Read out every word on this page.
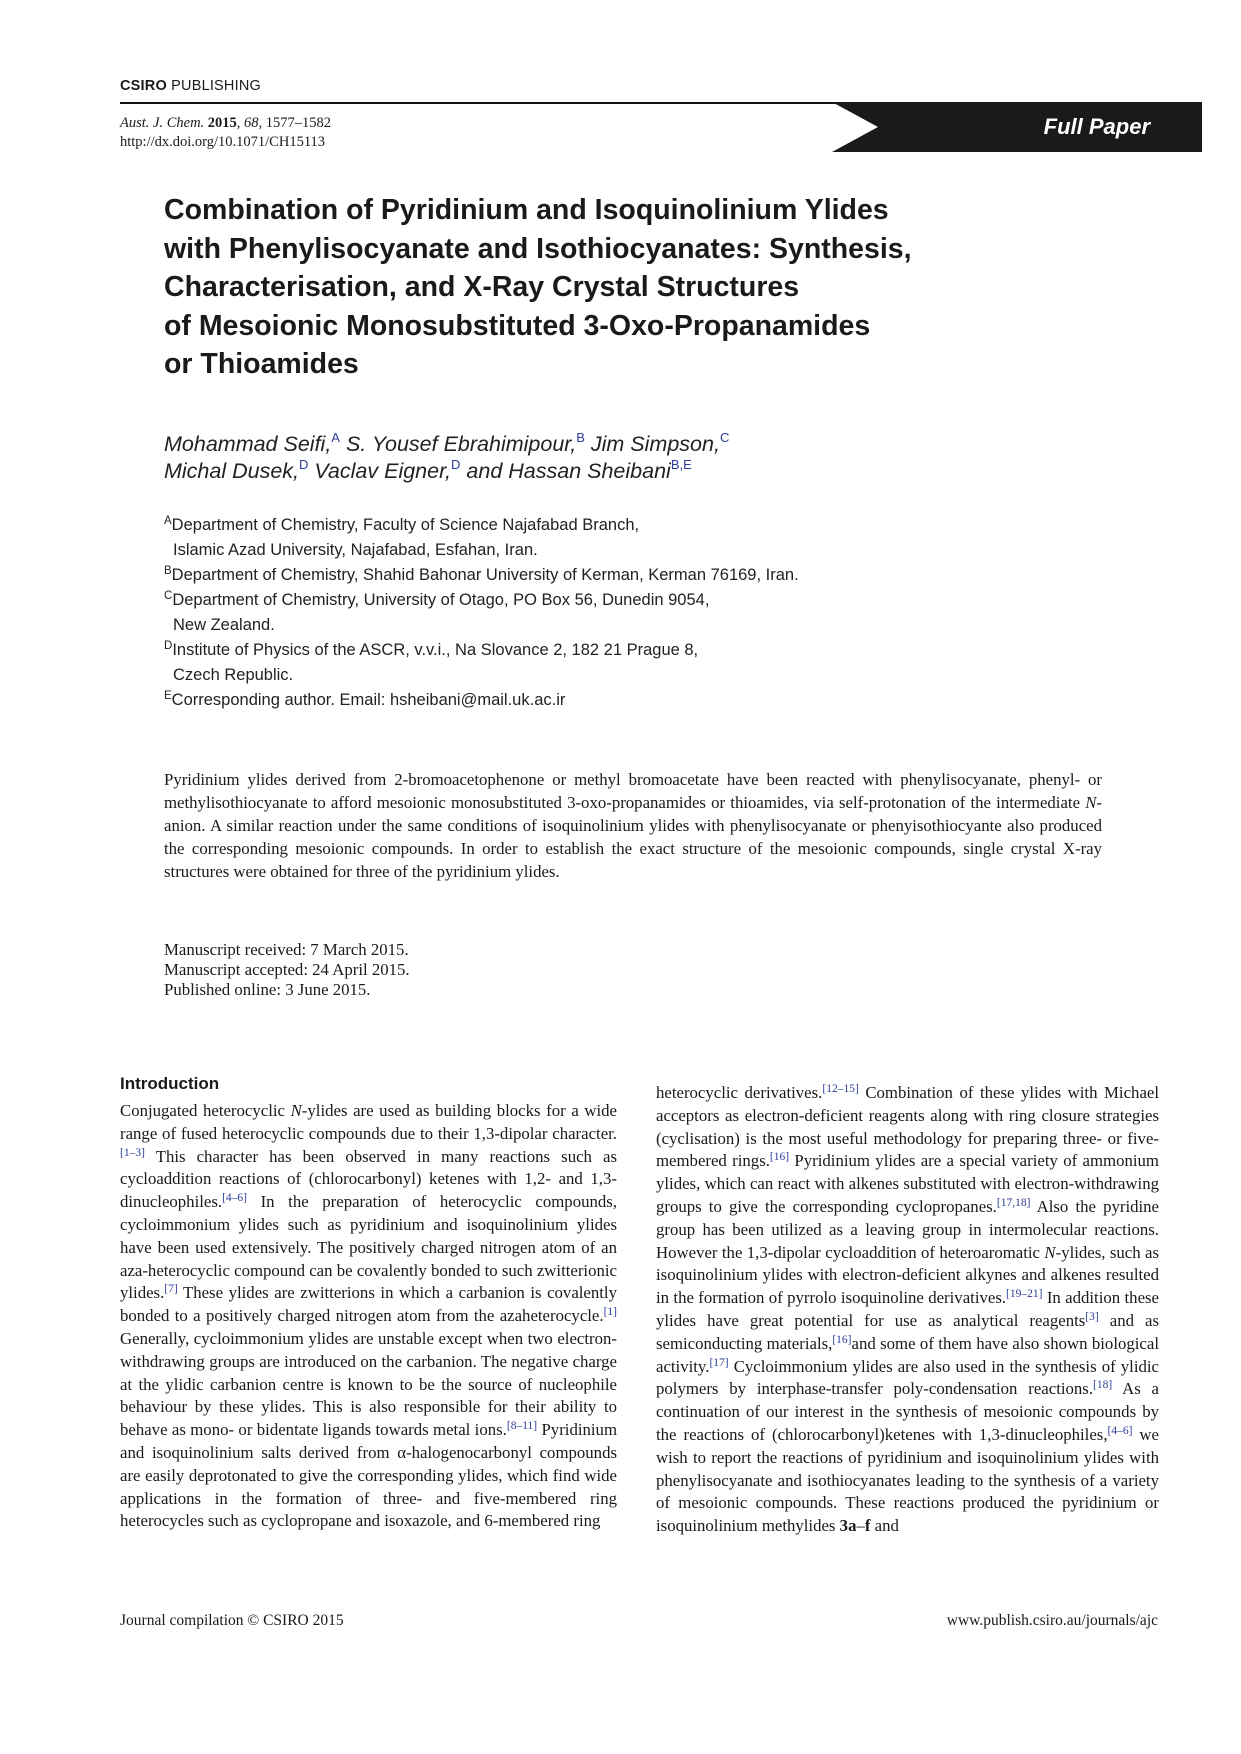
CSIRO PUBLISHING
Full Paper
Aust. J. Chem. 2015, 68, 1577–1582
http://dx.doi.org/10.1071/CH15113
Combination of Pyridinium and Isoquinolinium Ylides
with Phenylisocyanate and Isothiocyanates: Synthesis,
Characterisation, and X-Ray Crystal Structures
of Mesoionic Monosubstituted 3-Oxo-Propanamides
or Thioamides
Mohammad Seifi,$^A$ S. Yousef Ebrahimipour,$^B$ Jim Simpson,$^C$
Michal Dusek,$^D$ Vaclav Eigner,$^D$ and Hassan Sheibani$^{B,E}$
$^A$Department of Chemistry, Faculty of Science Najafabad Branch,
Islamic Azad University, Najafabad, Esfahan, Iran.
$^B$Department of Chemistry, Shahid Bahonar University of Kerman, Kerman 76169, Iran.
$^C$Department of Chemistry, University of Otago, PO Box 56, Dunedin 9054,
New Zealand.
$^D$Institute of Physics of the ASCR, v.v.i., Na Slovance 2, 182 21 Prague 8,
Czech Republic.
$^E$Corresponding author. Email: hsheibani@mail.uk.ac.ir

Pyridinium ylides derived from 2-bromoacetophenone or methyl bromoacetate have been reacted with phenylisocyanate, phenyl- or methylisothiocyanate to afford mesoionic monosubstituted 3-oxo-propanamides or thioamides, via self-protonation of the intermediate N-anion. A similar reaction under the same conditions of isoquinolinium ylides with phenylisocyanate or phenyisothiocyante also produced the corresponding mesoionic compounds. In order to establish the exact structure of the mesoionic compounds, single crystal X-ray structures were obtained for three of the pyridinium ylides.

Manuscript received: 7 March 2015.
Manuscript accepted: 24 April 2015.
Published online: 3 June 2015.
Introduction

Conjugated heterocyclic N-ylides are used as building blocks for a wide range of fused heterocyclic compounds due to their 1,3-dipolar character.[1–3] This character has been observed in many reactions such as cycloaddition reactions of (chlorocarbonyl) ketenes with 1,2- and 1,3-dinucleophiles.[4–6] In the preparation of heterocyclic compounds, cycloimmonium ylides such as pyridinium and isoquinolinium ylides have been used extensively. The positively charged nitrogen atom of an aza-heterocyclic compound can be covalently bonded to such zwitterionic ylides.[7] These ylides are zwitterions in which a carbanion is covalently bonded to a positively charged nitrogen atom from the azaheterocycle.[1] Generally, cycloimmonium ylides are unstable except when two electron-withdrawing groups are introduced on the carbanion. The negative charge at the ylidic carbanion centre is known to be the source of nucleophile behaviour by these ylides. This is also responsible for their ability to behave as mono- or bidentate ligands towards metal ions.[8–11] Pyridinium and isoquinolinium salts derived from α-halogenocarbonyl compounds are easily deprotonated to give the corresponding ylides, which find wide applications in the formation of three- and five-membered ring heterocycles such as cyclopropane and isoxazole, and 6-membered ring

heterocyclic derivatives.[12–15] Combination of these ylides with Michael acceptors as electron-deficient reagents along with ring closure strategies (cyclisation) is the most useful methodology for preparing three- or five-membered rings.[16] Pyridinium ylides are a special variety of ammonium ylides, which can react with alkenes substituted with electron-withdrawing groups to give the corresponding cyclopropanes.[17,18] Also the pyridine group has been utilized as a leaving group in intermolecular reactions. However the 1,3-dipolar cycloaddition of heteroaromatic N-ylides, such as isoquinolinium ylides with electron-deficient alkynes and alkenes resulted in the formation of pyrrolo isoquinoline derivatives.[19–21] In addition these ylides have great potential for use as analytical reagents[3] and as semiconducting materials,[16]and some of them have also shown biological activity.[17] Cycloimmonium ylides are also used in the synthesis of ylidic polymers by interphase-transfer poly-condensation reactions.[18] As a continuation of our interest in the synthesis of mesoionic compounds by the reactions of (chlorocarbonyl)ketenes with 1,3-dinucleophiles,[4–6] we wish to report the reactions of pyridinium and isoquinolinium ylides with phenylisocyanate and isothiocyanates leading to the synthesis of a variety of mesoionic compounds. These reactions produced the pyridinium or isoquinolinium methylides 3a–f and

Journal compilation © CSIRO 2015	www.publish.csiro.au/journals/ajc
